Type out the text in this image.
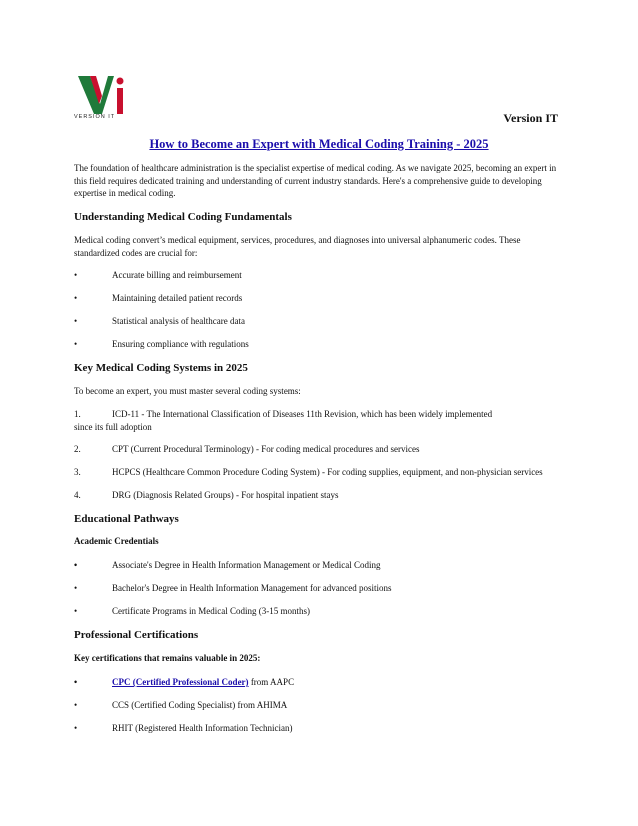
VERSION IT	Version IT
How to Become an Expert with Medical Coding Training - 2025

The foundation of healthcare administration is the specialist expertise of medical coding. As we navigate 2025, becoming an expert in this field requires dedicated training and understanding of current industry standards. Here's a comprehensive guide to developing expertise in medical coding.

Understanding Medical Coding Fundamentals

Medical coding convert’s medical equipment, services, procedures, and diagnoses into universal alphanumeric codes. These standardized codes are crucial for:

•	Accurate billing and reimbursement
•	Maintaining detailed patient records
•	Statistical analysis of healthcare data
•	Ensuring compliance with regulations

Key Medical Coding Systems in 2025

To become an expert, you must master several coding systems:

1.	ICD-11 - The International Classification of Diseases 11th Revision, which has been widely implemented
since its full adoption
2.	CPT (Current Procedural Terminology) - For coding medical procedures and services
3.	HCPCS (Healthcare Common Procedure Coding System) - For coding supplies, equipment, and non-physician services
4.	DRG (Diagnosis Related Groups) - For hospital inpatient stays

Educational Pathways

Academic Credentials

•	Associate's Degree in Health Information Management or Medical Coding
•	Bachelor's Degree in Health Information Management for advanced positions
•	Certificate Programs in Medical Coding (3-15 months)

Professional Certifications

Key certifications that remains valuable in 2025:

•	CPC (Certified Professional Coder) from AAPC
•	CCS (Certified Coding Specialist) from AHIMA
•	RHIT (Registered Health Information Technician)
